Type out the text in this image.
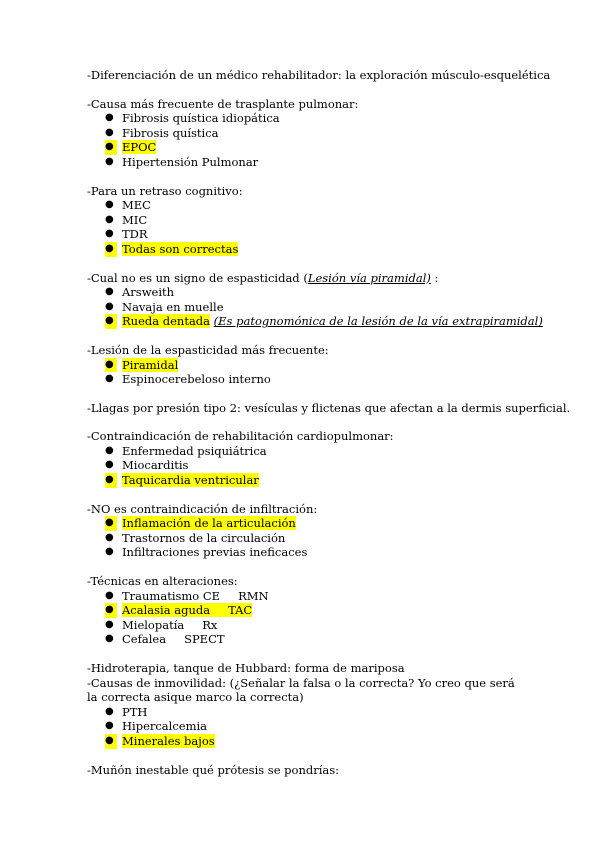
-Diferenciación de un médico rehabilitador: la exploración músculo-esquelética
-Causa más frecuente de trasplante pulmonar:
● Fibrosis quística idiopática
● Fibrosis quística
● EPOC
● Hipertensión Pulmonar
-Para un retraso cognitivo:
● MEC
● MIC
● TDR
● Todas son correctas
-Cual no es un signo de espasticidad (Lesión vía piramidal) :
● Arsweith
● Navaja en muelle
● Rueda dentada (Es patognomónica de la lesión de la vía extrapiramidal)
-Lesión de la espasticidad más frecuente:
● Piramidal
● Espinocerebeloso interno
-Llagas por presión tipo 2: vesículas y flictenas que afectan a la dermis superficial.
-Contraindicación de rehabilitación cardiopulmonar:
● Enfermedad psiquiátrica
● Miocarditis
● Taquicardia ventricular
-NO es contraindicación de infiltración:
● Inflamación de la articulación
● Trastornos de la circulación
● Infiltraciones previas ineficaces
-Técnicas en alteraciones:
● Traumatismo CE RMN
● Acalasia aguda TAC
● Mielopatía Rx
● Cefalea SPECT
-Hidroterapia, tanque de Hubbard: forma de mariposa
-Causas de inmovilidad: (¿Señalar la falsa o la correcta? Yo creo que será la correcta asique marco la correcta)
● PTH
● Hipercalcemia
● Minerales bajos
-Muñón inestable qué prótesis se pondrías:
